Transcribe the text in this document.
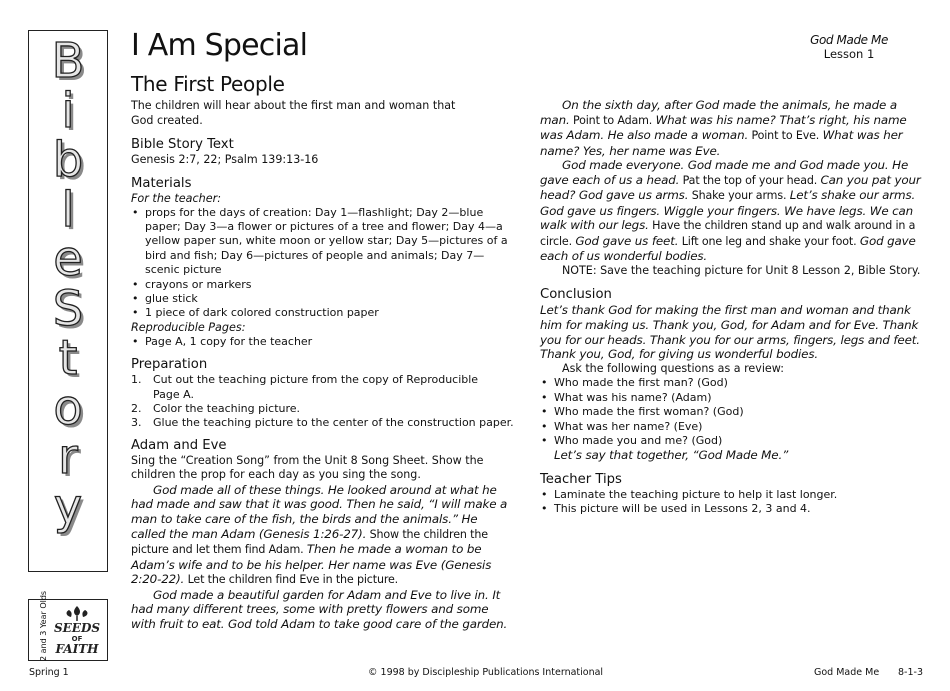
B
i
b
l
e
S
t
o
r
y
2 and 3 Year Olds SEEDS
OF
FAITH
I Am Special
The First People
God Made Me
Lesson 1

The children will hear about the first man and woman that God created.

Bible Story Text

Genesis 2:7, 22; Psalm 139:13-16

Materials

For the teacher:

• props for the days of creation: Day 1—flashlight; Day 2—blue paper; Day 3—a flower or pictures of a tree and flower; Day 4—a yellow paper sun, white moon or yellow star; Day 5—pictures of a bird and fish; Day 6—pictures of people and animals; Day 7—scenic picture
• crayons or markers
• glue stick
• 1 piece of dark colored construction paper

Reproducible Pages:

• Page A, 1 copy for the teacher
Preparation
1. Cut out the teaching picture from the copy of Reproducible Page A.
2. Color the teaching picture.
3. Glue the teaching picture to the center of the construction paper.
Adam and Eve

Sing the “Creation Song” from the Unit 8 Song Sheet. Show the children the prop for each day as you sing the song.

God made all of these things. He looked around at what he had made and saw that it was good. Then he said, “I will make a man to take care of the fish, the birds and the animals.” He called the man Adam (Genesis 1:26-27). Show the children the picture and let them find Adam. Then he made a woman to be Adam’s wife and to be his helper. Her name was Eve (Genesis 2:20-22). Let the children find Eve in the picture.

God made a beautiful garden for Adam and Eve to live in. It had many different trees, some with pretty flowers and some with fruit to eat. God told Adam to take good care of the garden.

On the sixth day, after God made the animals, he made a man. Point to Adam. What was his name? That’s right, his name was Adam. He also made a woman. Point to Eve. What was her name? Yes, her name was Eve.

God made everyone. God made me and God made you. He gave each of us a head. Pat the top of your head. Can you pat your head? God gave us arms. Shake your arms. Let’s shake our arms. God gave us fingers. Wiggle your fingers. We have legs. We can walk with our legs. Have the children stand up and walk around in a circle. God gave us feet. Lift one leg and shake your foot. God gave each of us wonderful bodies.

NOTE: Save the teaching picture for Unit 8 Lesson 2, Bible Story.

Conclusion

Let’s thank God for making the first man and woman and thank him for making us. Thank you, God, for Adam and for Eve. Thank you for our heads. Thank you for our arms, fingers, legs and feet. Thank you, God, for giving us wonderful bodies.

Ask the following questions as a review:

• Who made the first man? (God)
• What was his name? (Adam)
• Who made the first woman? (God)
• What was her name? (Eve)
• Who made you and me? (God)

Let’s say that together, “God Made Me.”

Teacher Tips
• Laminate the teaching picture to help it last longer.
• This picture will be used in Lessons 2, 3 and 4.
Spring 1	© 1998 by Discipleship Publications International	God Made Me 8-1-3
